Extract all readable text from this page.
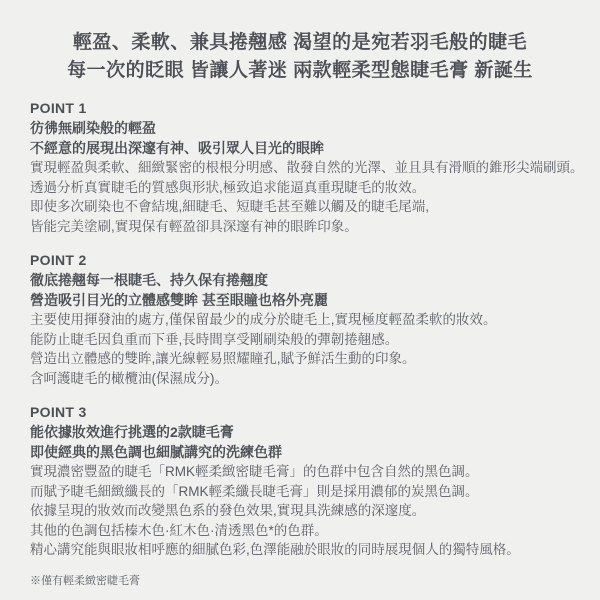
輕盈、柔軟、兼具捲翹感 渴望的是宛若羽毛般的睫毛
每一次的眨眼 皆讓人著迷 兩款輕柔型態睫毛膏 新誕生
POINT 1
彷彿無刷染般的輕盈
不經意的展現出深邃有神、吸引眾人目光的眼眸
實現輕盈與柔軟、細緻緊密的根根分明感、散發自然的光澤、並且具有滑順的錐形尖端刷頭。
透過分析真實睫毛的質感與形狀,極致追求能逼真重現睫毛的妝效。
即使多次刷染也不會結塊,細睫毛、短睫毛甚至難以觸及的睫毛尾端,
皆能完美塗刷,實現保有輕盈卻具深邃有神的眼眸印象。
POINT 2
徹底捲翹每一根睫毛、持久保有捲翹度
營造吸引目光的立體感雙眸 甚至眼瞳也格外亮麗
主要使用揮發油的處方,僅保留最少的成分於睫毛上,實現極度輕盈柔軟的妝效。
能防止睫毛因負重而下垂,長時間享受剛刷染般的彈韌捲翹感。
營造出立體感的雙眸,讓光線輕易照耀瞳孔,賦予鮮活生動的印象。
含呵護睫毛的橄欖油(保濕成分)。
POINT 3
能依據妝效進行挑選的2款睫毛膏
即使經典的黑色調也細膩講究的洗練色群
實現濃密豐盈的睫毛「RMK輕柔緻密睫毛膏」的色群中包含自然的黑色調。
而賦予睫毛細緻纖長的「RMK輕柔纖長睫毛膏」則是採用濃郁的炭黑色調。
依據呈現的妝效而改變黑色系的發色效果,實現具洗練感的深邃度。
其他的色調包括榛木色·紅木色·清透黑色*的色群。
精心講究能與眼妝相呼應的細膩色彩,色澤能融於眼妝的同時展現個人的獨特風格。
※僅有輕柔緻密睫毛膏
